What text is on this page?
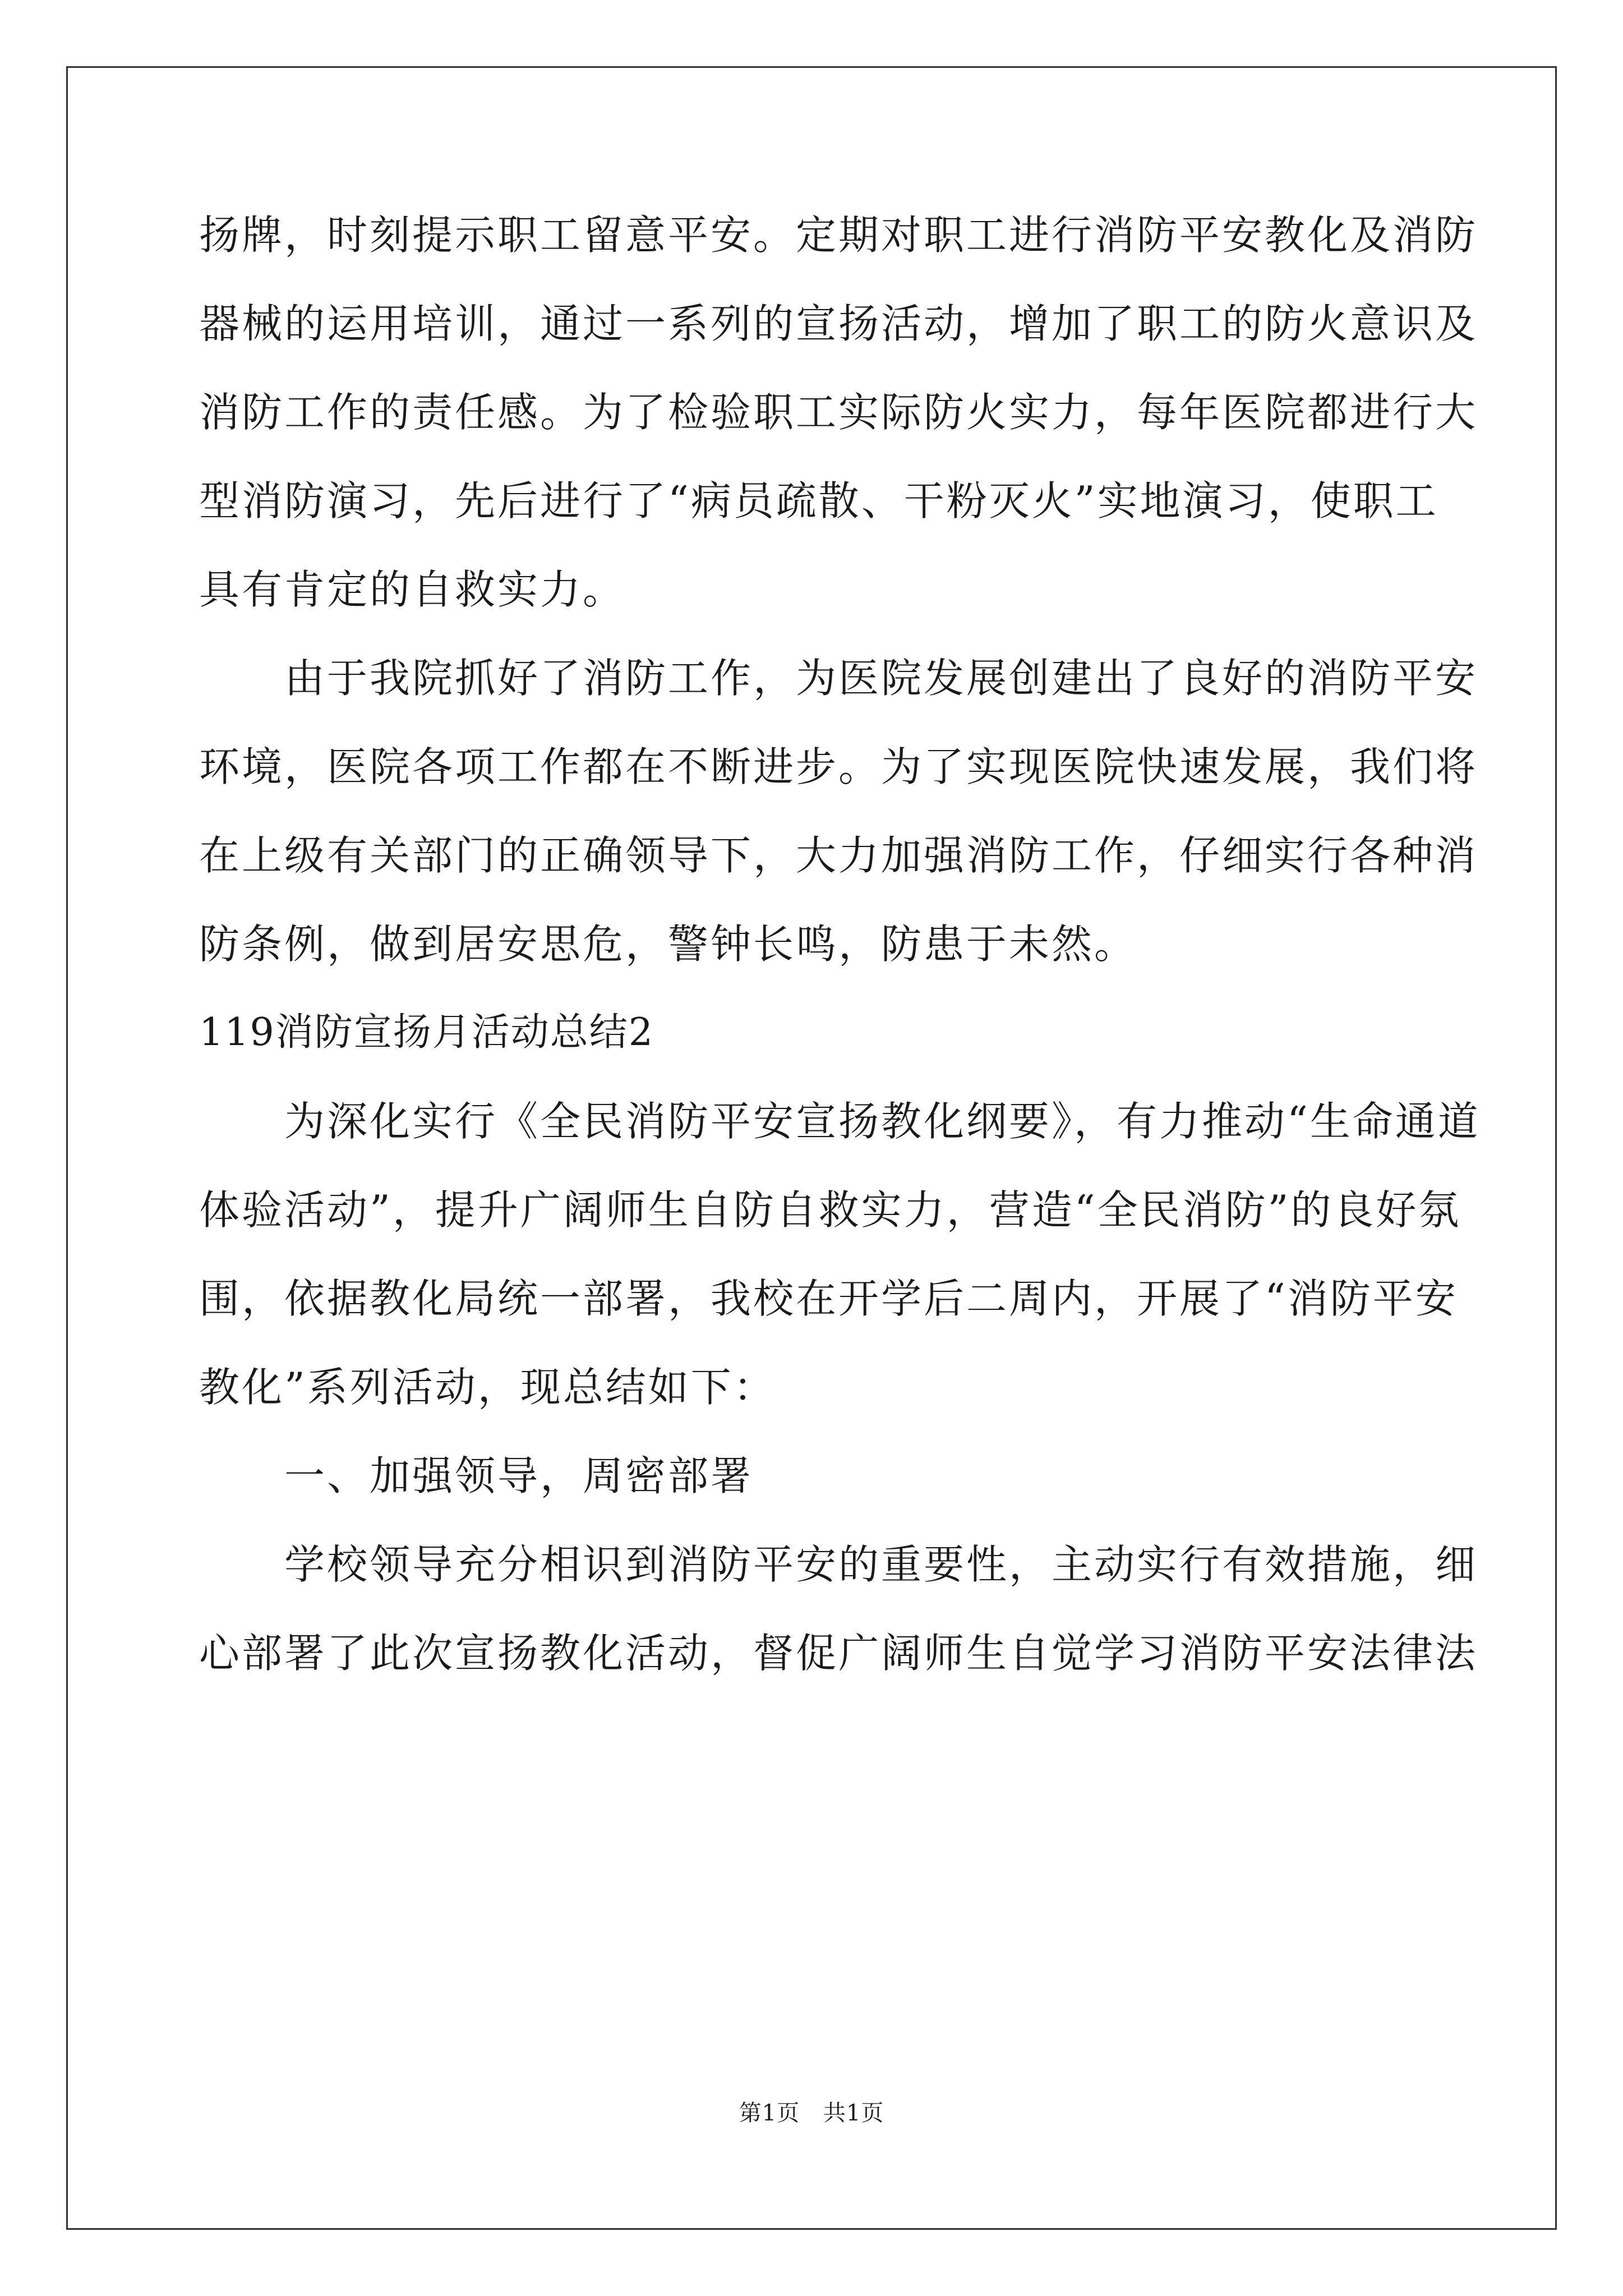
扬牌，时刻提示职工留意平安。定期对职工进行消防平安教化及消防
器械的运用培训，通过一系列的宣扬活动，增加了职工的防火意识及
消防工作的责任感。为了检验职工实际防火实力，每年医院都进行大
型消防演习，先后进行了“病员疏散、干粉灭火”实地演习，使职工
具有肯定的自救实力。
　　由于我院抓好了消防工作，为医院发展创建出了良好的消防平安
环境，医院各项工作都在不断进步。为了实现医院快速发展，我们将
在上级有关部门的正确领导下，大力加强消防工作，仔细实行各种消
防条例，做到居安思危，警钟长鸣，防患于未然。
119消防宣扬月活动总结2
　　为深化实行《全民消防平安宣扬教化纲要》，有力推动“生命通道
体验活动”，提升广阔师生自防自救实力，营造“全民消防”的良好氛
围，依据教化局统一部署，我校在开学后二周内，开展了“消防平安
教化”系列活动，现总结如下：
　　一、加强领导，周密部署
　　学校领导充分相识到消防平安的重要性，主动实行有效措施，细
心部署了此次宣扬教化活动，督促广阔师生自觉学习消防平安法律法
第1页 共1页
